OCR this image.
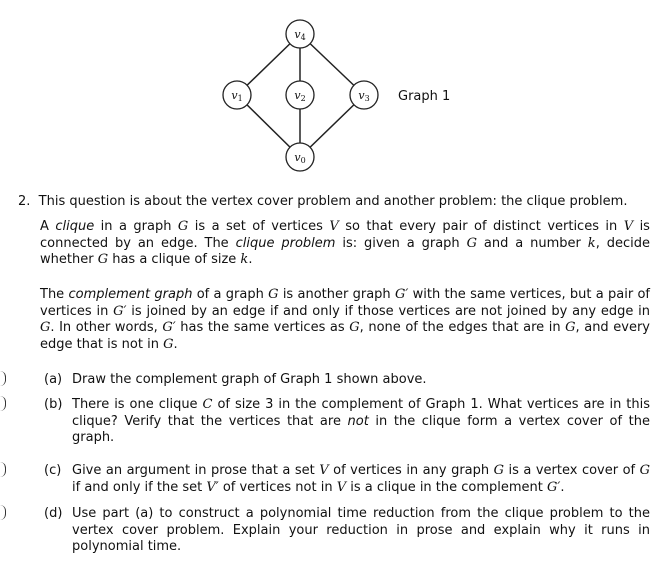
v4
v1	v2	v3
v0
Graph 1
2. This question is about the vertex cover problem and another problem: the clique problem.

A clique in a graph G is a set of vertices V so that every pair of distinct vertices in V is connected by an edge. The clique problem is: given a graph G and a number k, decide whether G has a clique of size k.

The complement graph of a graph G is another graph G′ with the same vertices, but a pair of vertices in G′ is joined by an edge if and only if those vertices are not joined by any edge in G. In other words, G′ has the same vertices as G, none of the edges that are in G, and every edge that is not in G.

(a) Draw the complement graph of Graph 1 shown above.
(b) There is one clique C of size 3 in the complement of Graph 1. What vertices are in this clique? Verify that the vertices that are not in the clique form a vertex cover of the graph.
(c) Give an argument in prose that a set V of vertices in any graph G is a vertex cover of G if and only if the set V′ of vertices not in V is a clique in the complement G′.
(d) Use part (a) to construct a polynomial time reduction from the clique problem to the vertex cover problem. Explain your reduction in prose and explain why it runs in polynomial time.
